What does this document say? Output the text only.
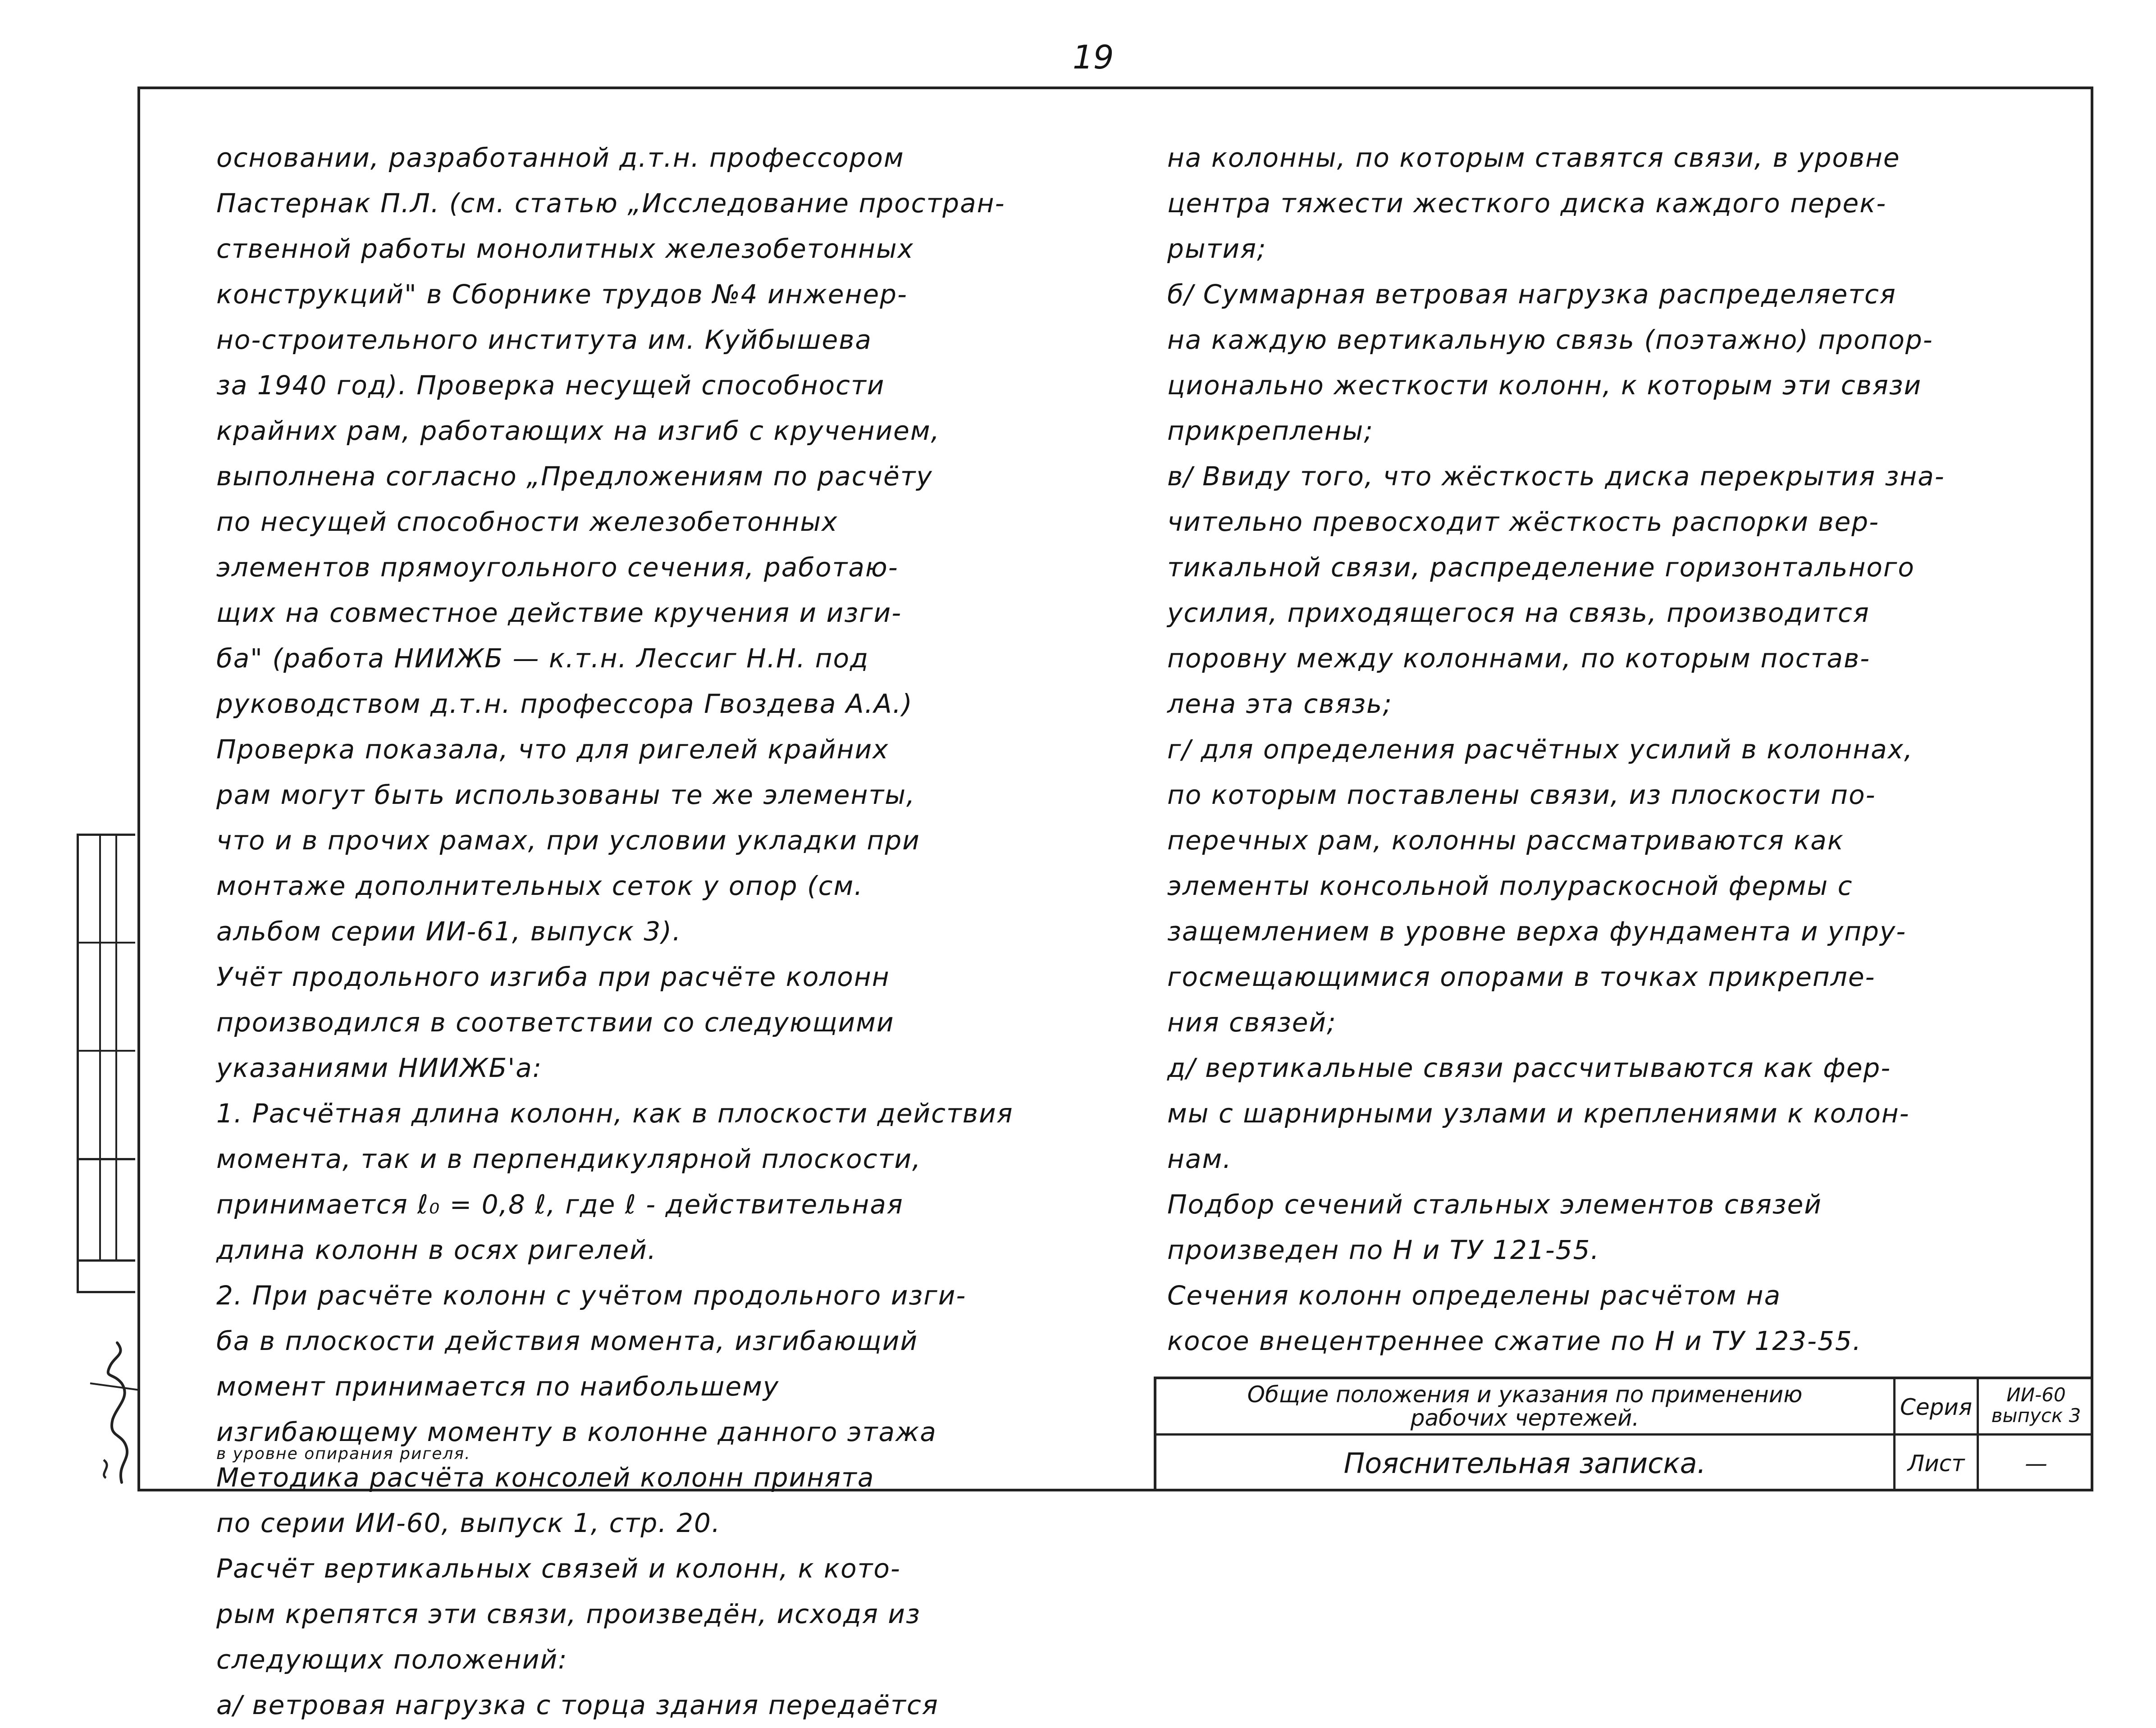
19
основании, разработанной д.т.н. профессором
Пастернак П.Л. (см. статью „Исследование простран-
ственной работы монолитных железобетонных
конструкций" в Сборнике трудов №4 инженер-
но-строительного института им. Куйбышева
за 1940 год). Проверка несущей способности
крайних рам, работающих на изгиб с кручением,
выполнена согласно „Предложениям по расчёту
по несущей способности железобетонных
элементов прямоугольного сечения, работаю-
щих на совместное действие кручения и изги-
ба" (работа НИИЖБ — к.т.н. Лессиг Н.Н. под
руководством д.т.н. профессора Гвоздева А.А.)
Проверка показала, что для ригелей крайних
рам могут быть использованы те же элементы,
что и в прочих рамах, при условии укладки при
монтаже дополнительных сеток у опор (см.
альбом серии ИИ-61, выпуск 3).
Учёт продольного изгиба при расчёте колонн
производился в соответствии со следующими
указаниями НИИЖБ'а:
1. Расчётная длина колонн, как в плоскости действия
момента, так и в перпендикулярной плоскости,
принимается ℓ₀ = 0,8 ℓ, где ℓ - действительная
длина колонн в осях ригелей.
2. При расчёте колонн с учётом продольного изги-
ба в плоскости действия момента, изгибающий
момент принимается по наибольшему
изгибающему моменту в колонне данного этажа
в уровне опирания ригеля.
Методика расчёта консолей колонн принята
по серии ИИ-60, выпуск 1, стр. 20.
Расчёт вертикальных связей и колонн, к кото-
рым крепятся эти связи, произведён, исходя из
следующих положений:
а/ ветровая нагрузка с торца здания передаётся
на колонны, по которым ставятся связи, в уровне
центра тяжести жесткого диска каждого перек-
рытия;
б/ Суммарная ветровая нагрузка распределяется
на каждую вертикальную связь (поэтажно) пропор-
ционально жесткости колонн, к которым эти связи
прикреплены;
в/ Ввиду того, что жёсткость диска перекрытия зна-
чительно превосходит жёсткость распорки вер-
тикальной связи, распределение горизонтального
усилия, приходящегося на связь, производится
поровну между колоннами, по которым постав-
лена эта связь;
г/ для определения расчётных усилий в колоннах,
по которым поставлены связи, из плоскости по-
перечных рам, колонны рассматриваются как
элементы консольной полураскосной фермы с
защемлением в уровне верха фундамента и упру-
госмещающимися опорами в точках прикрепле-
ния связей;
д/ вертикальные связи рассчитываются как фер-
мы с шарнирными узлами и креплениями к колон-
нам.
Подбор сечений стальных элементов связей
произведен по Н и ТУ 121-55.
Сечения колонн определены расчётом на
косое внецентреннее сжатие по Н и ТУ 123-55.
Общие положения и указания по применению
рабочих чертежей.
Пояснительная записка.
Серия	ИИ-60
выпуск 3
Лист	—
